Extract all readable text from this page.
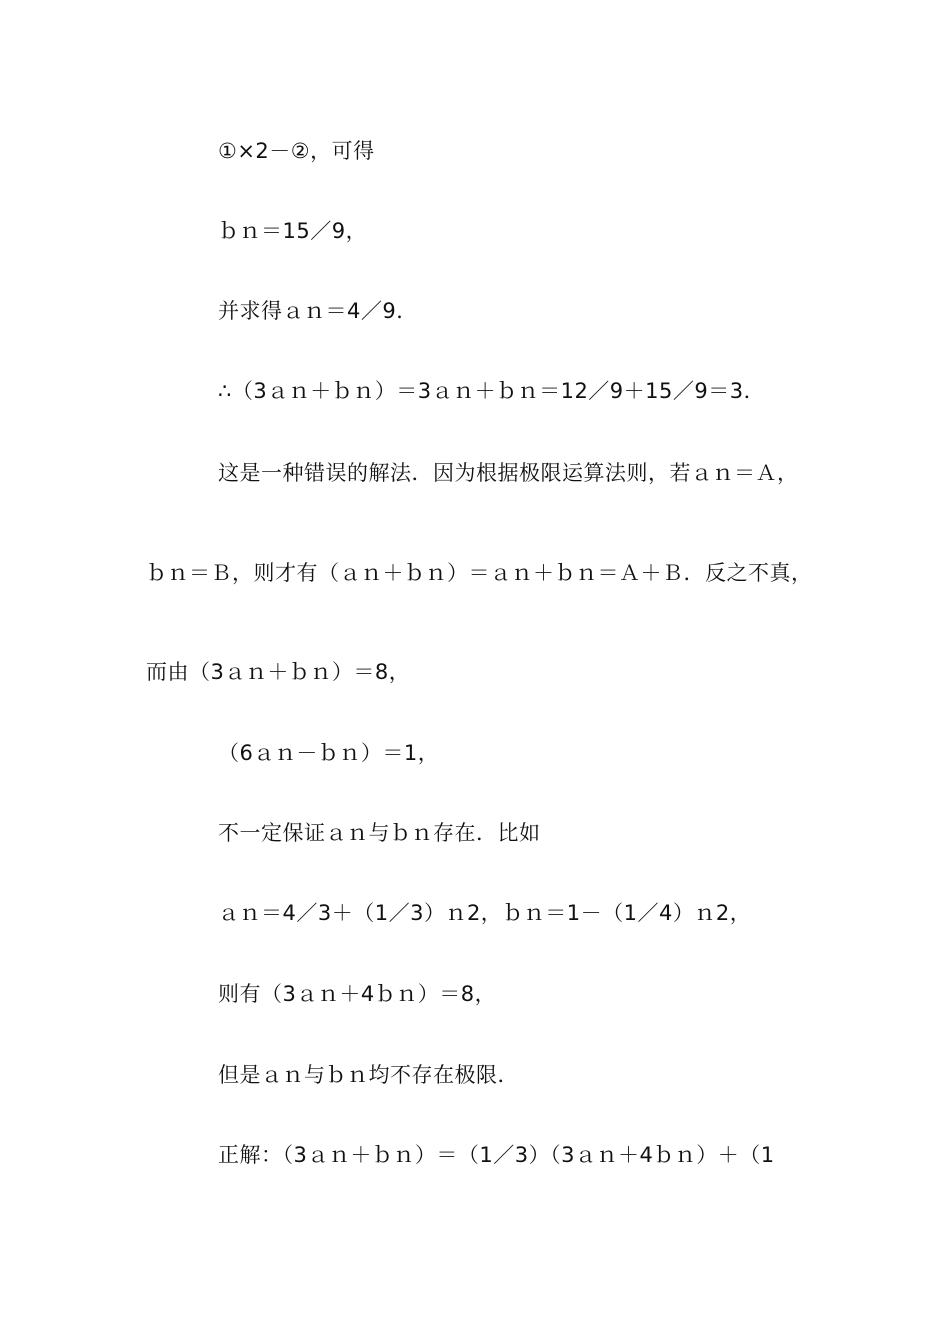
①×2－②，可得
ｂｎ＝15／9，
并求得ａｎ＝4／9．
∴（3ａｎ＋ｂｎ）＝3ａｎ＋ｂｎ＝12／9＋15／9＝3．
这是一种错误的解法．因为根据极限运算法则，若ａｎ＝Ａ，
ｂｎ＝Ｂ，则才有（ａｎ＋ｂｎ）＝ａｎ＋ｂｎ＝Ａ＋Ｂ．反之不真，
而由（3ａｎ＋ｂｎ）＝8，
（6ａｎ－ｂｎ）＝1，
不一定保证ａｎ与ｂｎ存在．比如
ａｎ＝4／3＋（1／3）ｎ2，ｂｎ＝1－（1／4）ｎ2，
则有（3ａｎ＋4ｂｎ）＝8，
但是ａｎ与ｂｎ均不存在极限．
正解：（3ａｎ＋ｂｎ）＝（1／3）（3ａｎ＋4ｂｎ）＋（1
